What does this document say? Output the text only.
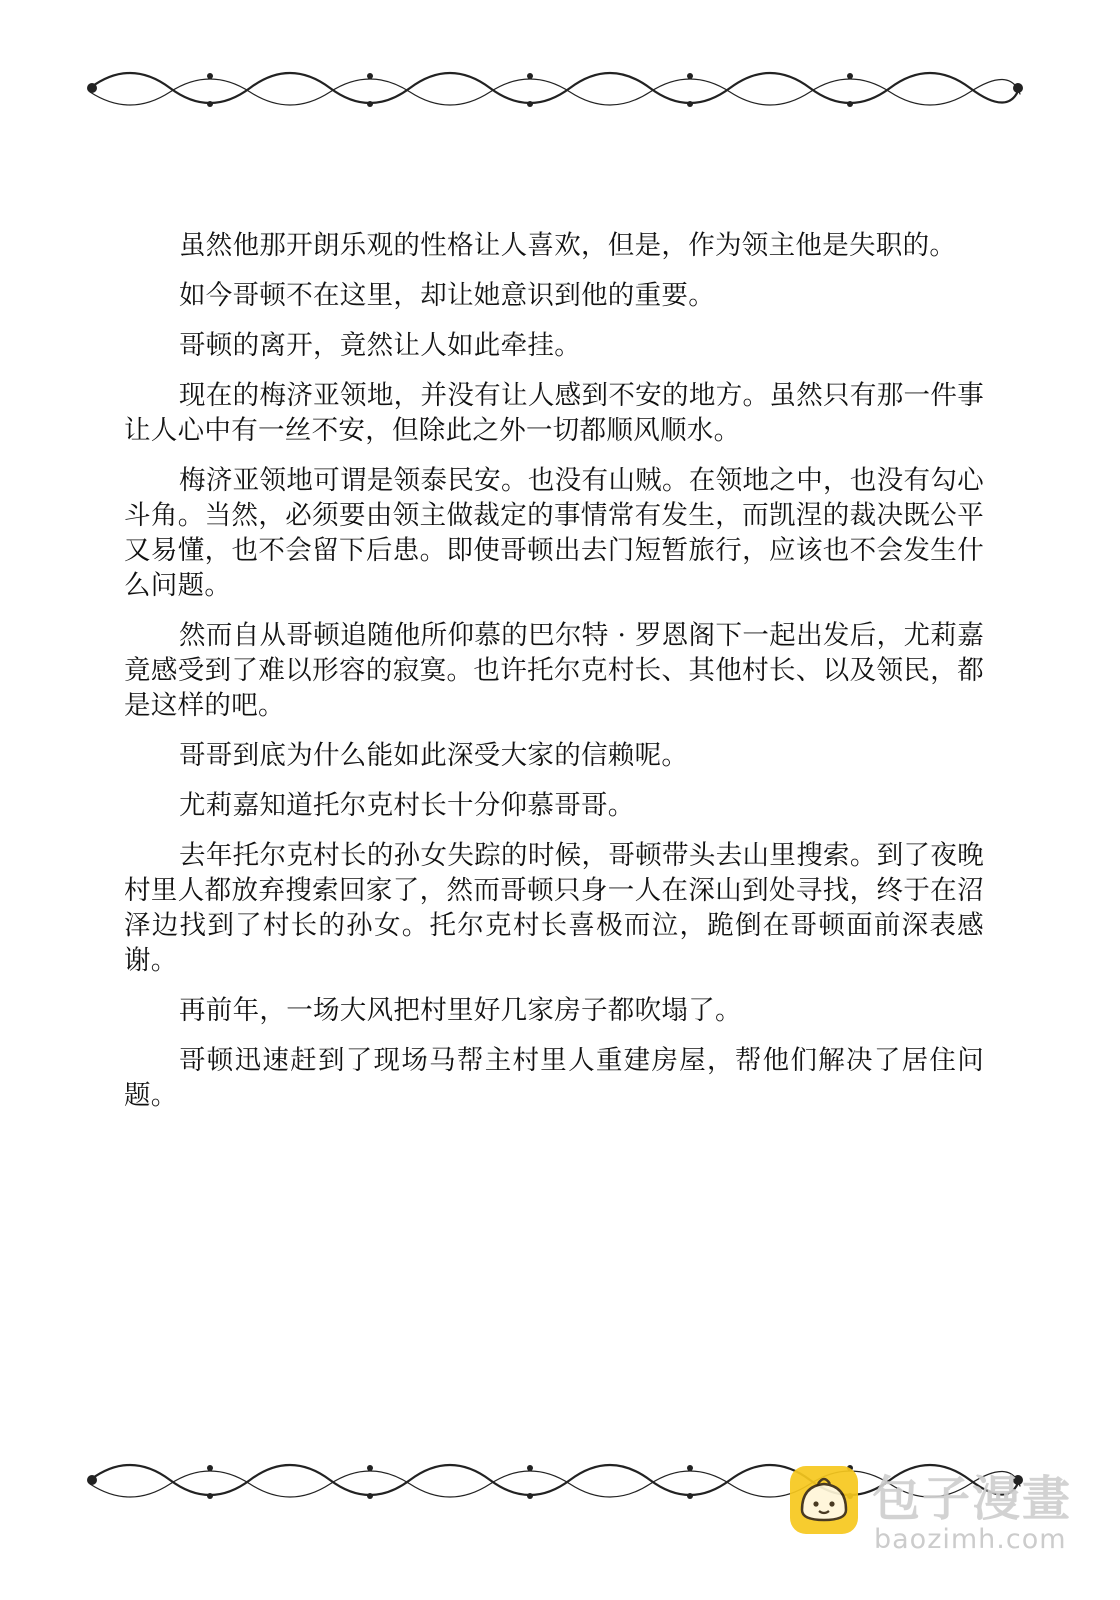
虽然他那开朗乐观的性格让人喜欢，但是，作为领主他是失职的。

如今哥顿不在这里，却让她意识到他的重要。

哥顿的离开，竟然让人如此牵挂。

现在的梅济亚领地，并没有让人感到不安的地方。虽然只有那一件事让人心中有一丝不安，但除此之外一切都顺风顺水。

梅济亚领地可谓是领泰民安。也没有山贼。在领地之中，也没有勾心斗角。当然，必须要由领主做裁定的事情常有发生，而凯涅的裁决既公平又易懂，也不会留下后患。即使哥顿出去门短暂旅行，应该也不会发生什么问题。

然而自从哥顿追随他所仰慕的巴尔特 · 罗恩阁下一起出发后，尤莉嘉竟感受到了难以形容的寂寞。也许托尔克村长、其他村长、以及领民，都是这样的吧。

哥哥到底为什么能如此深受大家的信赖呢。

尤莉嘉知道托尔克村长十分仰慕哥哥。

去年托尔克村长的孙女失踪的时候，哥顿带头去山里搜索。到了夜晚村里人都放弃搜索回家了，然而哥顿只身一人在深山到处寻找，终于在沼泽边找到了村长的孙女。托尔克村长喜极而泣，跪倒在哥顿面前深表感谢。

再前年，一场大风把村里好几家房子都吹塌了。

哥顿迅速赶到了现场马帮主村里人重建房屋，帮他们解决了居住问题。

包子漫畫
baozimh.com
